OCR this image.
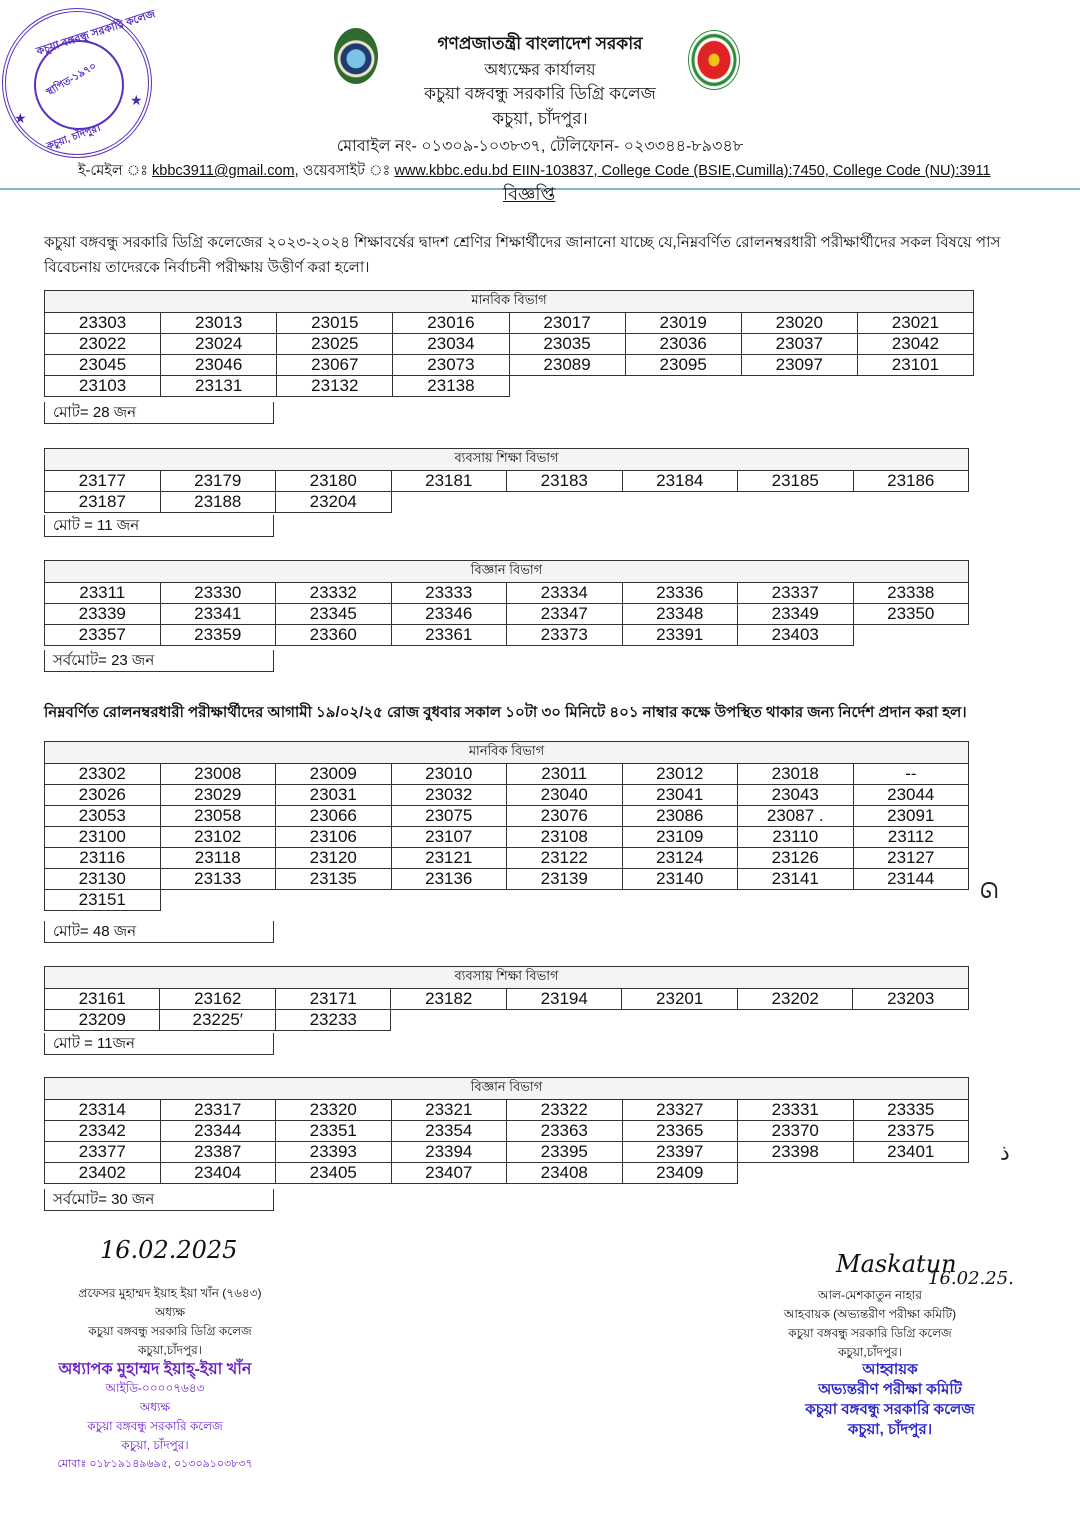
কচুয়া বঙ্গবন্ধু সরকারি কলেজ
স্থাপিত-১৯৭০
কচুয়া, চাঁদপুর।
★
★
গণপ্রজাতন্ত্রী বাংলাদেশ সরকার
অধ্যক্ষের কার্যালয়
কচুয়া বঙ্গবন্ধু সরকারি ডিগ্রি কলেজ
কচুয়া, চাঁদপুর।
মোবাইল নং- ০১৩০৯-১০৩৮৩৭, টেলিফোন- ০২৩৩৪৪-৮৯৩৪৮
ই-মেইল ঃ kbbc3911@gmail.com, ওয়েবসাইট ঃ www.kbbc.edu.bd EIIN-103837, College Code (BSIE,Cumilla):7450, College Code (NU):3911
বিজ্ঞপ্তি
কচুয়া বঙ্গবন্ধু সরকারি ডিগ্রি কলেজের ২০২৩-২০২৪ শিক্ষাবর্ষের দ্বাদশ শ্রেণির শিক্ষার্থীদের জানানো যাচ্ছে যে,নিম্নবর্ণিত রোলনম্বরধারী পরীক্ষার্থীদের সকল বিষয়ে পাস বিবেচনায় তাদেরকে নির্বাচনী পরীক্ষায় উত্তীর্ণ করা হলো।
মানবিক বিভাগ							
23303	23013	23015	23016	23017	23019	23020	23021
23022	23024	23025	23034	23035	23036	23037	23042
23045	23046	23067	23073	23089	23095	23097	23101
23103	23131	23132	23138				
মোট= 28 জন
ব্যবসায় শিক্ষা বিভাগ							
23177	23179	23180	23181	23183	23184	23185	23186
23187	23188	23204					
মোট = 11 জন
বিজ্ঞান বিভাগ							
23311	23330	23332	23333	23334	23336	23337	23338
23339	23341	23345	23346	23347	23348	23349	23350
23357	23359	23360	23361	23373	23391	23403	
সর্বমোট= 23 জন
মানবিক বিভাগ							
23302	23008	23009	23010	23011	23012	23018	--
23026	23029	23031	23032	23040	23041	23043	23044
23053	23058	23066	23075	23076	23086	23087 .	23091
23100	23102	23106	23107	23108	23109	23110	23112
23116	23118	23120	23121	23122	23124	23126	23127
23130	23133	23135	23136	23139	23140	23141	23144
23151							
মোট= 48 জন
ব্যবসায় শিক্ষা বিভাগ							
23161	23162	23171	23182	23194	23201	23202	23203
23209	23225′	23233					
মোট = 11জন
বিজ্ঞান বিভাগ							
23314	23317	23320	23321	23322	23327	23331	23335
23342	23344	23351	23354	23363	23365	23370	23375
23377	23387	23393	23394	23395	23397	23398	23401
23402	23404	23405	23407	23408	23409		
সর্বমোট= 30 জন
নিম্নবর্ণিত রোলনম্বরধারী পরীক্ষার্থীদের আগামী ১৯/০২/২৫ রোজ বুধবার সকাল ১০টা ৩০ মিনিটে ৪০১ নাম্বার কক্ষে উপস্থিত থাকার জন্য নির্দেশ প্রদান করা হল।
16.02.2025
প্রফেসর মুহাম্মদ ইয়াহ ইয়া খাঁন (৭৬৪৩)
অধ্যক্ষ
কচুয়া বঙ্গবন্ধু সরকারি ডিগ্রি কলেজ
কচুয়া,চাঁদপুর।
অধ্যাপক মুহাম্মদ ইয়াহ্-ইয়া খাঁন
আইডি-০০০০৭৬৪৩
অধ্যক্ষ
কচুয়া বঙ্গবন্ধু সরকারি কলেজ
কচুয়া, চাঁদপুর।
মোবাঃ ০১৮১৯১৪৯৬৯৫, ০১৩০৯১০৩৮৩৭
Maskatun
16.02.25.
আল-মেশকাতুন নাহার
আহবায়ক (অভ্যন্তরীণ পরীক্ষা কমিটি)
কচুয়া বঙ্গবন্ধু সরকারি ডিগ্রি কলেজ
কচুয়া,চাঁদপুর।
আহ্বায়ক
অভ্যন্তরীণ পরীক্ষা কমিটি
কচুয়া বঙ্গবন্ধু সরকারি কলেজ
কচুয়া, চাঁদপুর।
ᘏ
ذ
